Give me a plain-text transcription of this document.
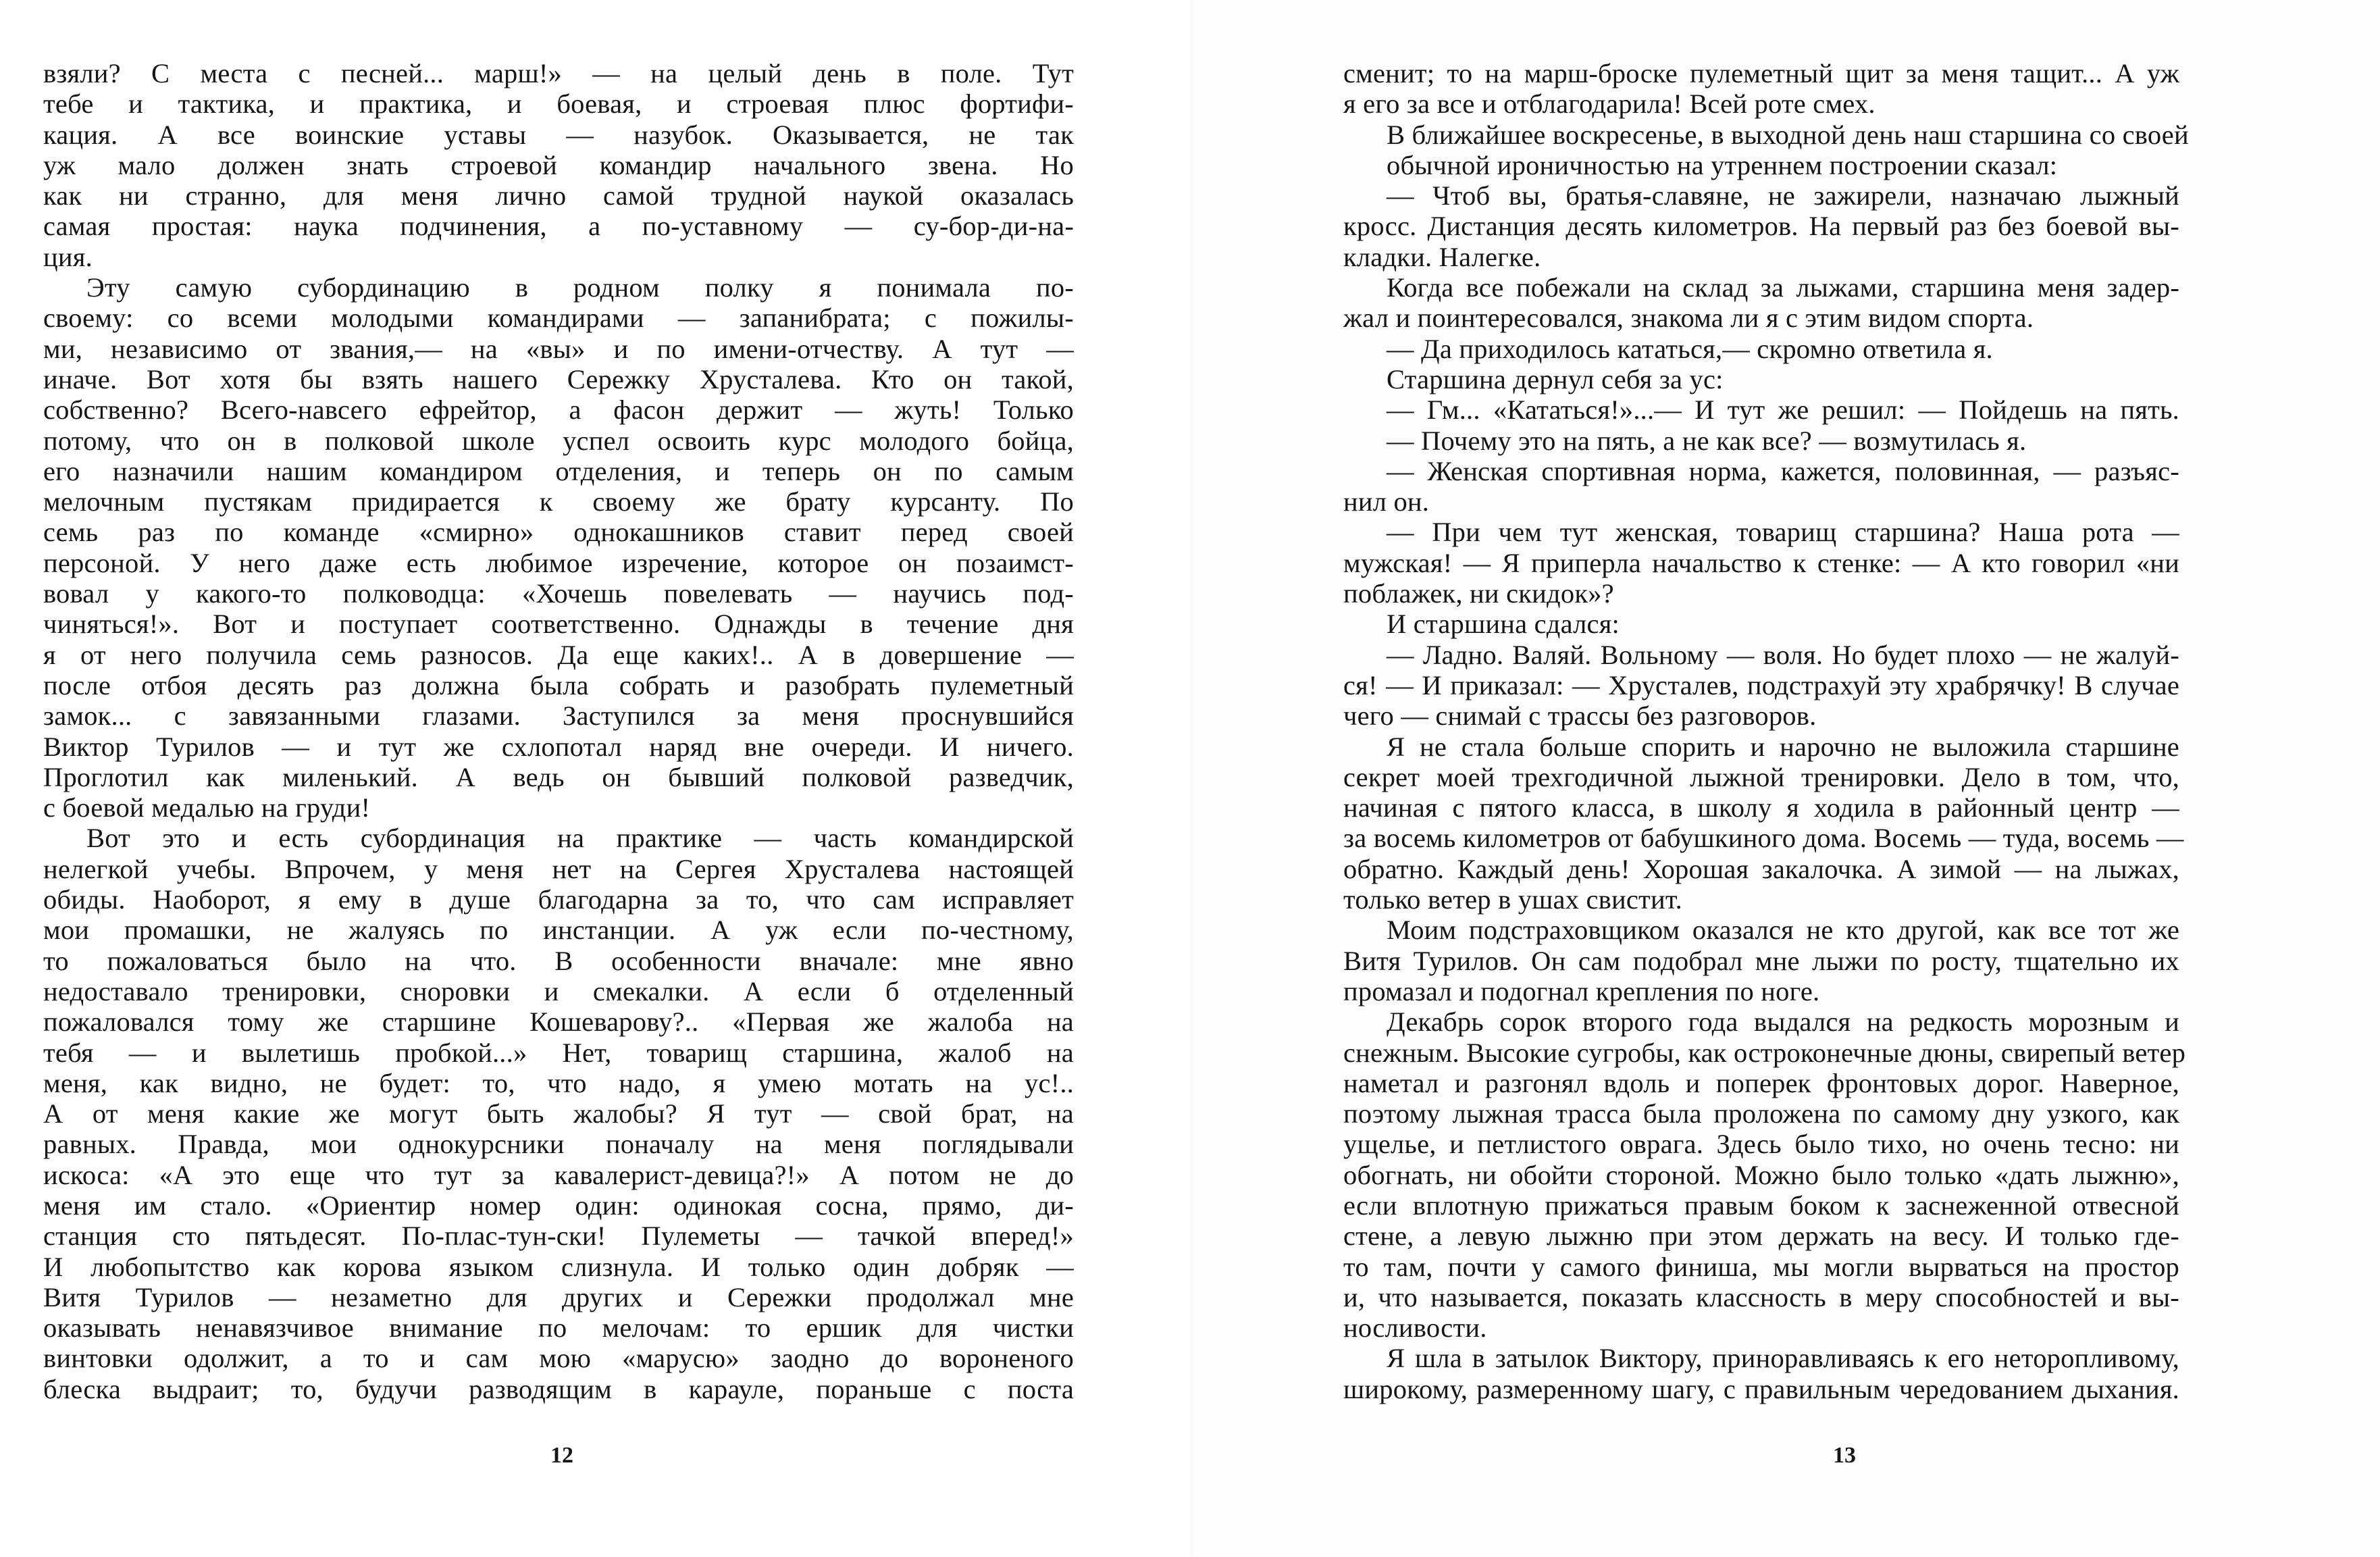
взяли? С места с песней... марш!» — на целый день в поле. Тут
тебе и тактика, и практика, и боевая, и строевая плюс фортифи-
кация. А все воинские уставы — назубок. Оказывается, не так
уж мало должен знать строевой командир начального звена. Но
как ни странно, для меня лично самой трудной наукой оказалась
самая простая: наука подчинения, а по-уставному — су-бор-ди-на-
ция.
Эту самую субординацию в родном полку я понимала по-
своему: со всеми молодыми командирами — запанибрата; с пожилы-
ми, независимо от звания,— на «вы» и по имени-отчеству. А тут —
иначе. Вот хотя бы взять нашего Сережку Хрусталева. Кто он такой,
собственно? Всего-навсего ефрейтор, а фасон держит — жуть! Только
потому, что он в полковой школе успел освоить курс молодого бойца,
его назначили нашим командиром отделения, и теперь он по самым
мелочным пустякам придирается к своему же брату курсанту. По
семь раз по команде «смирно» однокашников ставит перед своей
персоной. У него даже есть любимое изречение, которое он позаимст-
вовал у какого-то полководца: «Хочешь повелевать — научись под-
чиняться!». Вот и поступает соответственно. Однажды в течение дня
я от него получила семь разносов. Да еще каких!.. А в довершение —
после отбоя десять раз должна была собрать и разобрать пулеметный
замок... с завязанными глазами. Заступился за меня проснувшийся
Виктор Турилов — и тут же схлопотал наряд вне очереди. И ничего.
Проглотил как миленький. А ведь он бывший полковой разведчик,
с боевой медалью на груди!
Вот это и есть субординация на практике — часть командирской
нелегкой учебы. Впрочем, у меня нет на Сергея Хрусталева настоящей
обиды. Наоборот, я ему в душе благодарна за то, что сам исправляет
мои промашки, не жалуясь по инстанции. А уж если по-честному,
то пожаловаться было на что. В особенности вначале: мне явно
недоставало тренировки, сноровки и смекалки. А если б отделенный
пожаловался тому же старшине Кошеварову?.. «Первая же жалоба на
тебя — и вылетишь пробкой...» Нет, товарищ старшина, жалоб на
меня, как видно, не будет: то, что надо, я умею мотать на ус!..
А от меня какие же могут быть жалобы? Я тут — свой брат, на
равных. Правда, мои однокурсники поначалу на меня поглядывали
искоса: «А это еще что тут за кавалерист-девица?!» А потом не до
меня им стало. «Ориентир номер один: одинокая сосна, прямо, ди-
станция сто пятьдесят. По-плас-тун-ски! Пулеметы — тачкой вперед!»
И любопытство как корова языком слизнула. И только один добряк —
Витя Турилов — незаметно для других и Сережки продолжал мне
оказывать ненавязчивое внимание по мелочам: то ершик для чистки
винтовки одолжит, а то и сам мою «марусю» заодно до вороненого
блеска выдраит; то, будучи разводящим в карауле, пораньше с поста
12
сменит; то на марш-броске пулеметный щит за меня тащит... А уж
я его за все и отблагодарила! Всей роте смех.
В ближайшее воскресенье, в выходной день наш старшина со своей
обычной ироничностью на утреннем построении сказал:
— Чтоб вы, братья-славяне, не зажирели, назначаю лыжный
кросс. Дистанция десять километров. На первый раз без боевой вы-
кладки. Налегке.
Когда все побежали на склад за лыжами, старшина меня задер-
жал и поинтересовался, знакома ли я с этим видом спорта.
— Да приходилось кататься,— скромно ответила я.
Старшина дернул себя за ус:
— Гм... «Кататься!»...— И тут же решил: — Пойдешь на пять.
— Почему это на пять, а не как все? — возмутилась я.
— Женская спортивная норма, кажется, половинная, — разъяс-
нил он.
— При чем тут женская, товарищ старшина? Наша рота —
мужская! — Я приперла начальство к стенке: — А кто говорил «ни
поблажек, ни скидок»?
И старшина сдался:
— Ладно. Валяй. Вольному — воля. Но будет плохо — не жалуй-
ся! — И приказал: — Хрусталев, подстрахуй эту храбрячку! В случае
чего — снимай с трассы без разговоров.
Я не стала больше спорить и нарочно не выложила старшине
секрет моей трехгодичной лыжной тренировки. Дело в том, что,
начиная с пятого класса, в школу я ходила в районный центр —
за восемь километров от бабушкиного дома. Восемь — туда, восемь —
обратно. Каждый день! Хорошая закалочка. А зимой — на лыжах,
только ветер в ушах свистит.
Моим подстраховщиком оказался не кто другой, как все тот же
Витя Турилов. Он сам подобрал мне лыжи по росту, тщательно их
промазал и подогнал крепления по ноге.
Декабрь сорок второго года выдался на редкость морозным и
снежным. Высокие сугробы, как остроконечные дюны, свирепый ветер
наметал и разгонял вдоль и поперек фронтовых дорог. Наверное,
поэтому лыжная трасса была проложена по самому дну узкого, как
ущелье, и петлистого оврага. Здесь было тихо, но очень тесно: ни
обогнать, ни обойти стороной. Можно было только «дать лыжню»,
если вплотную прижаться правым боком к заснеженной отвесной
стене, а левую лыжню при этом держать на весу. И только где-
то там, почти у самого финиша, мы могли вырваться на простор
и, что называется, показать классность в меру способностей и вы-
носливости.
Я шла в затылок Виктору, приноравливаясь к его неторопливому,
широкому, размеренному шагу, с правильным чередованием дыхания.
13
